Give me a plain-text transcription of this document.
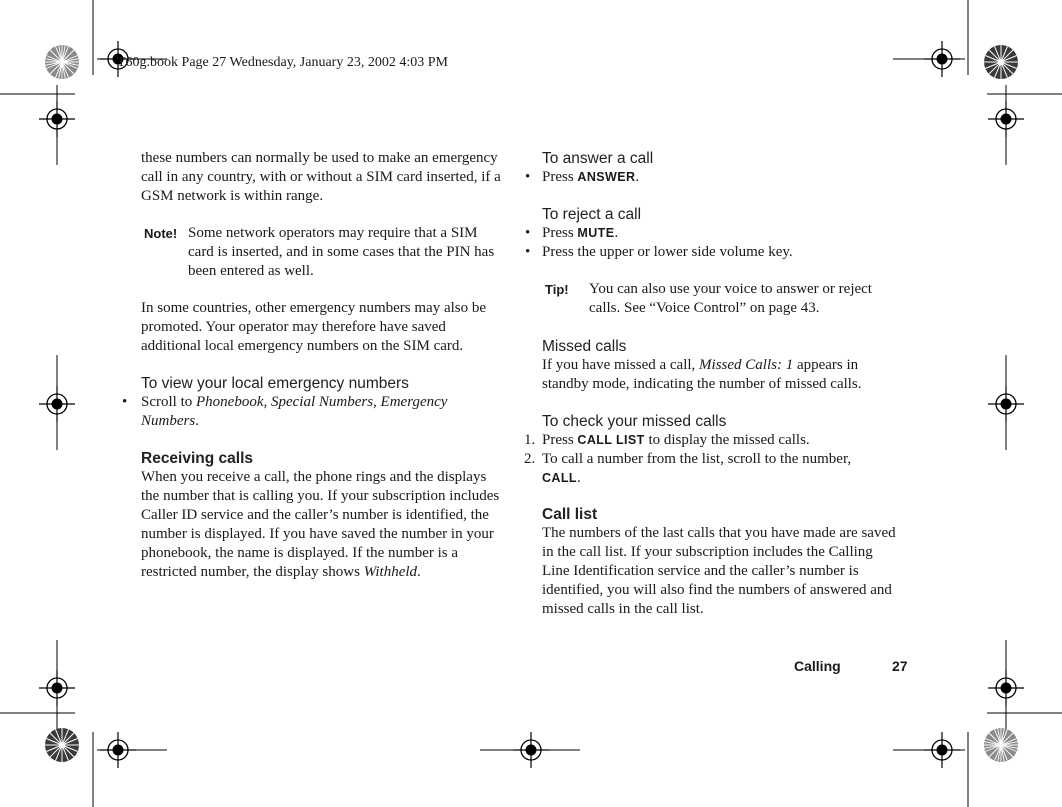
T60g.book Page 27 Wednesday, January 23, 2002 4:03 PM
these numbers can normally be used to make an emergency call in any country, with or without a SIM card inserted, if a GSM network is within range.
Note! Some network operators may require that a SIM card is inserted, and in some cases that the PIN has been entered as well.
In some countries, other emergency numbers may also be promoted. Your operator may therefore have saved additional local emergency numbers on the SIM card.
To view your local emergency numbers
• Scroll to Phonebook, Special Numbers, Emergency Numbers.
Receiving calls
When you receive a call, the phone rings and the displays the number that is calling you. If your subscription includes Caller ID service and the caller’s number is identified, the number is displayed. If you have saved the number in your phonebook, the name is displayed. If the number is a restricted number, the display shows Withheld.
To answer a call
• Press ANSWER.
To reject a call
• Press MUTE.
• Press the upper or lower side volume key.
Tip! You can also use your voice to answer or reject calls. See “Voice Control” on page 43.
Missed calls
If you have missed a call, Missed Calls: 1 appears in standby mode, indicating the number of missed calls.
To check your missed calls
1. Press CALL LIST to display the missed calls.
2. To call a number from the list, scroll to the number, CALL.
Call list
The numbers of the last calls that you have made are saved in the call list. If your subscription includes the Calling Line Identification service and the caller’s number is identified, you will also find the numbers of answered and missed calls in the call list.
Calling	27
